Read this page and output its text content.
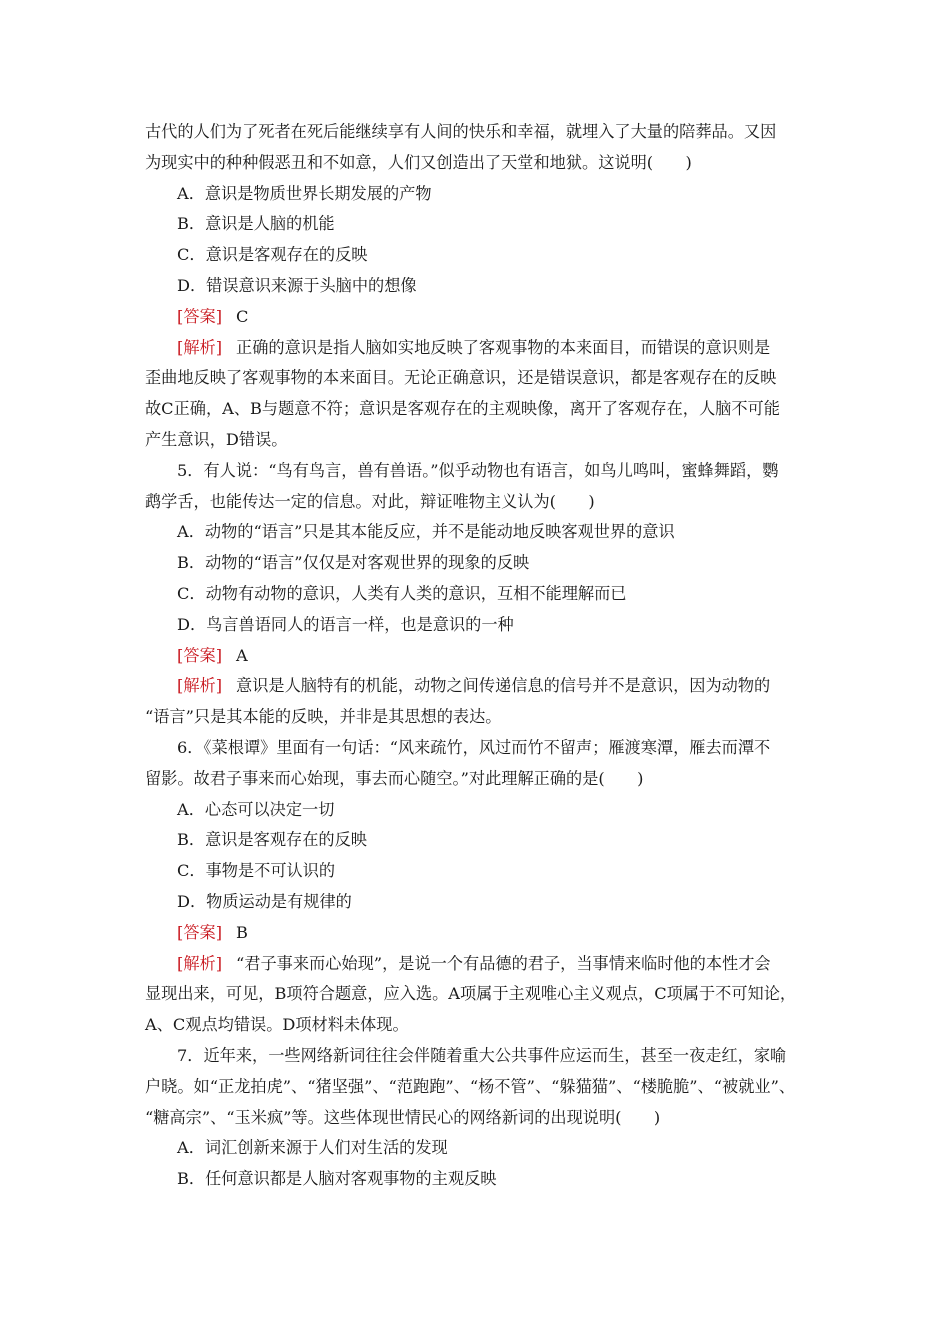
古代的人们为了死者在死后能继续享有人间的快乐和幸福，就埋入了大量的陪葬品。又因
为现实中的种种假恶丑和不如意，人们又创造出了天堂和地狱。这说明(　　)
A．意识是物质世界长期发展的产物
B．意识是人脑的机能
C．意识是客观存在的反映
D．错误意识来源于头脑中的想像
[答案] C
[解析] 正确的意识是指人脑如实地反映了客观事物的本来面目，而错误的意识则是
歪曲地反映了客观事物的本来面目。无论正确意识，还是错误意识，都是客观存在的反映
故C正确，A、B与题意不符；意识是客观存在的主观映像，离开了客观存在，人脑不可能
产生意识，D错误。
5．有人说：“鸟有鸟言，兽有兽语。”似乎动物也有语言，如鸟儿鸣叫，蜜蜂舞蹈，鹦
鹉学舌，也能传达一定的信息。对此，辩证唯物主义认为(　　)
A．动物的“语言”只是其本能反应，并不是能动地反映客观世界的意识
B．动物的“语言”仅仅是对客观世界的现象的反映
C．动物有动物的意识，人类有人类的意识，互相不能理解而已
D．鸟言兽语同人的语言一样，也是意识的一种
[答案] A
[解析] 意识是人脑特有的机能，动物之间传递信息的信号并不是意识，因为动物的
“语言”只是其本能的反映，并非是其思想的表达。
6．《菜根谭》里面有一句话：“风来疏竹，风过而竹不留声；雁渡寒潭，雁去而潭不
留影。故君子事来而心始现，事去而心随空。”对此理解正确的是(　　)
A．心态可以决定一切
B．意识是客观存在的反映
C．事物是不可认识的
D．物质运动是有规律的
[答案] B
[解析] “君子事来而心始现”，是说一个有品德的君子，当事情来临时他的本性才会
显现出来，可见，B项符合题意，应入选。A项属于主观唯心主义观点，C项属于不可知论，
A、C观点均错误。D项材料未体现。
7．近年来，一些网络新词往往会伴随着重大公共事件应运而生，甚至一夜走红，家喻
户晓。如“正龙拍虎”、“猪坚强”、“范跑跑”、“杨不管”、“躲猫猫”、“楼脆脆”、“被就业”、
“糖高宗”、“玉米疯”等。这些体现世情民心的网络新词的出现说明(　　)
A．词汇创新来源于人们对生活的发现
B．任何意识都是人脑对客观事物的主观反映
